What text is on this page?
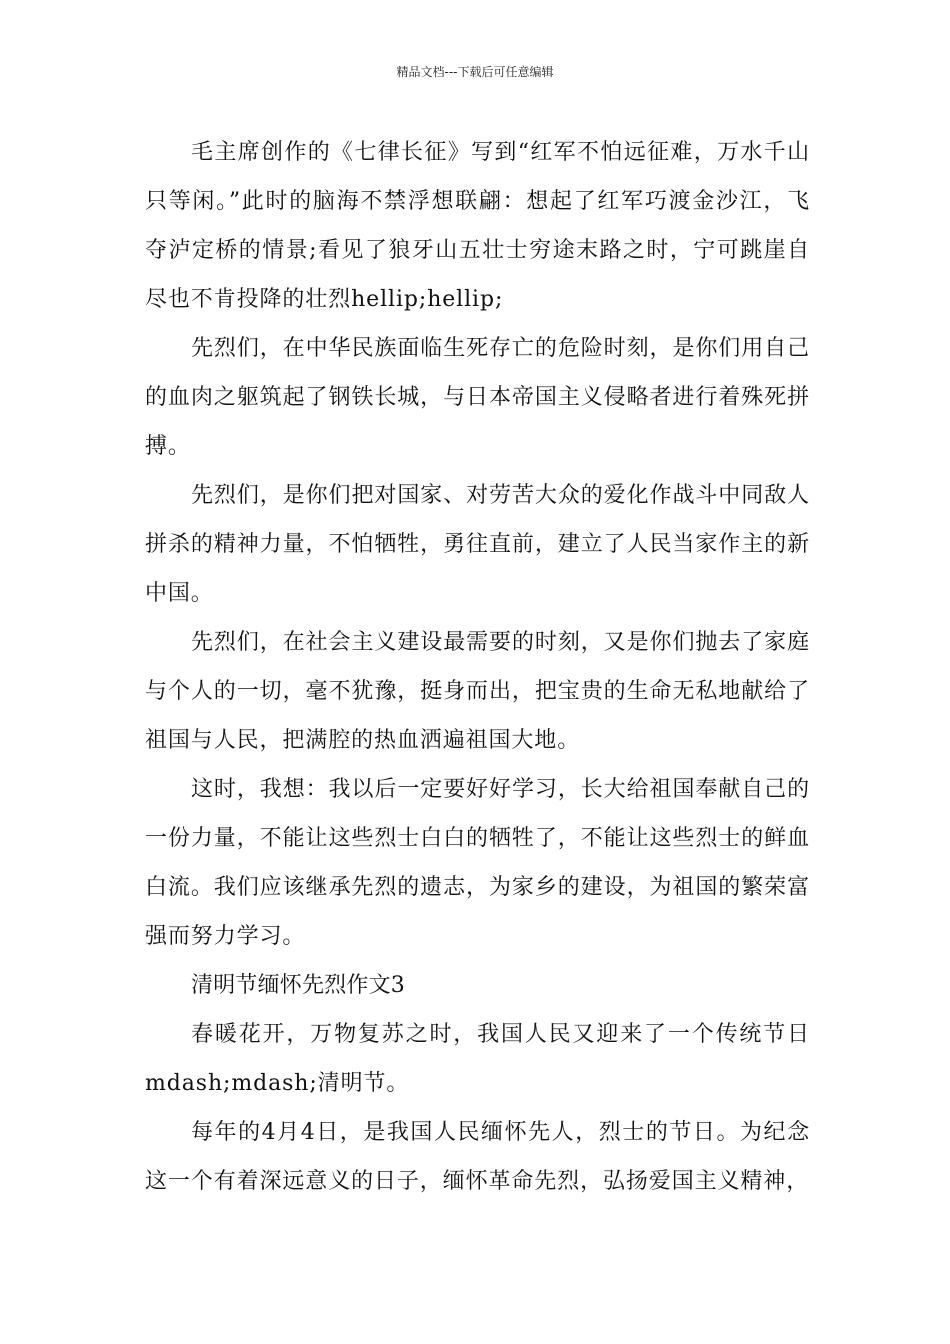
精品文档---下载后可任意编辑

毛主席创作的《七律长征》写到“红军不怕远征难，万水千山只等闲。”此时的脑海不禁浮想联翩：想起了红军巧渡金沙江，飞夺泸定桥的情景;看见了狼牙山五壮士穷途末路之时，宁可跳崖自尽也不肯投降的壮烈hellip;hellip;

先烈们，在中华民族面临生死存亡的危险时刻，是你们用自己的血肉之躯筑起了钢铁长城，与日本帝国主义侵略者进行着殊死拼搏。

先烈们，是你们把对国家、对劳苦大众的爱化作战斗中同敌人拼杀的精神力量，不怕牺牲，勇往直前，建立了人民当家作主的新中国。

先烈们，在社会主义建设最需要的时刻，又是你们抛去了家庭与个人的一切，毫不犹豫，挺身而出，把宝贵的生命无私地献给了祖国与人民，把满腔的热血洒遍祖国大地。

这时，我想：我以后一定要好好学习，长大给祖国奉献自己的一份力量，不能让这些烈士白白的牺牲了，不能让这些烈士的鲜血白流。我们应该继承先烈的遗志，为家乡的建设，为祖国的繁荣富强而努力学习。

清明节缅怀先烈作文3

春暖花开，万物复苏之时，我国人民又迎来了一个传统节日mdash;mdash;清明节。

每年的4月4日，是我国人民缅怀先人，烈士的节日。为纪念这一个有着深远意义的日子，缅怀革命先烈，弘扬爱国主义精神，
